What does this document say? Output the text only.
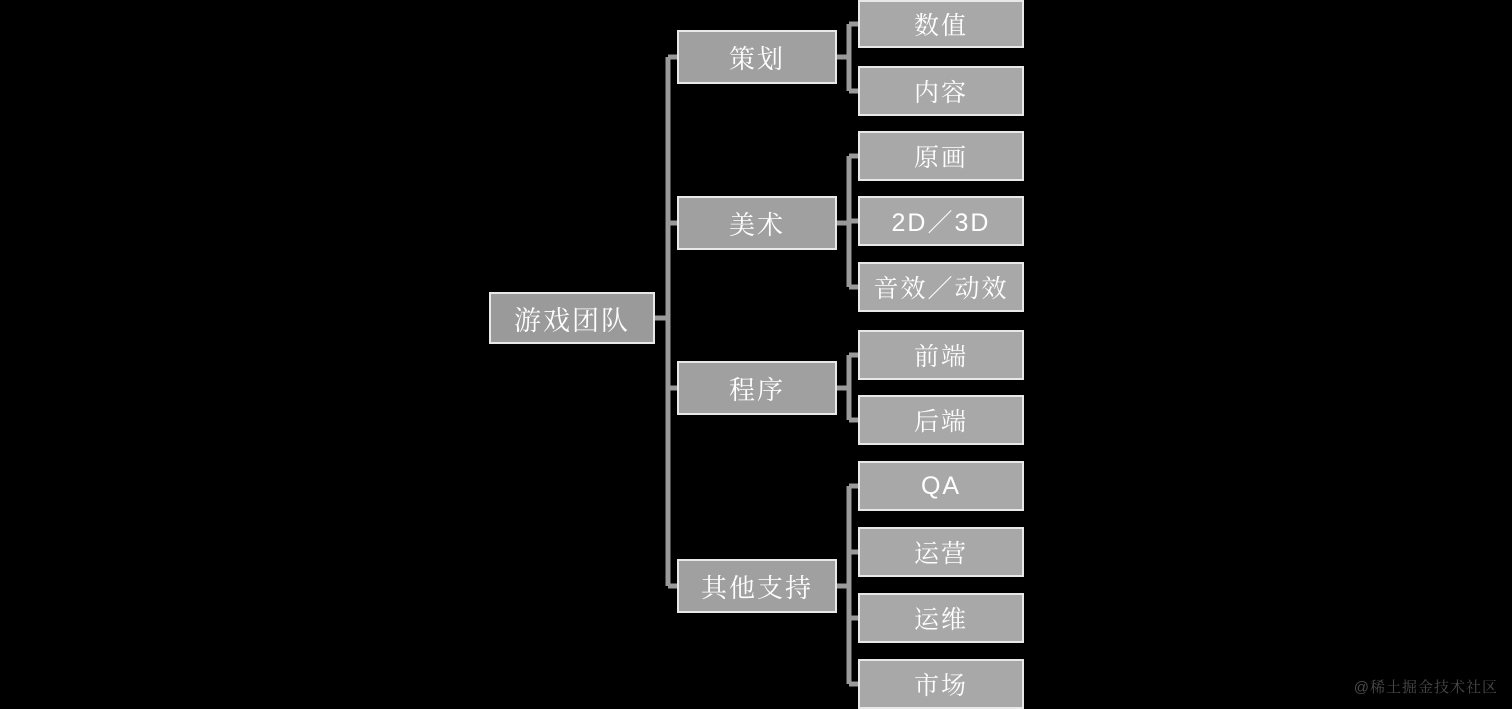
游戏团队
策划
美术
程序
其他支持
数值
内容
原画
2D／3D
音效／动效
前端
后端
QA
运营
运维
市场	@稀土掘金技术社区
